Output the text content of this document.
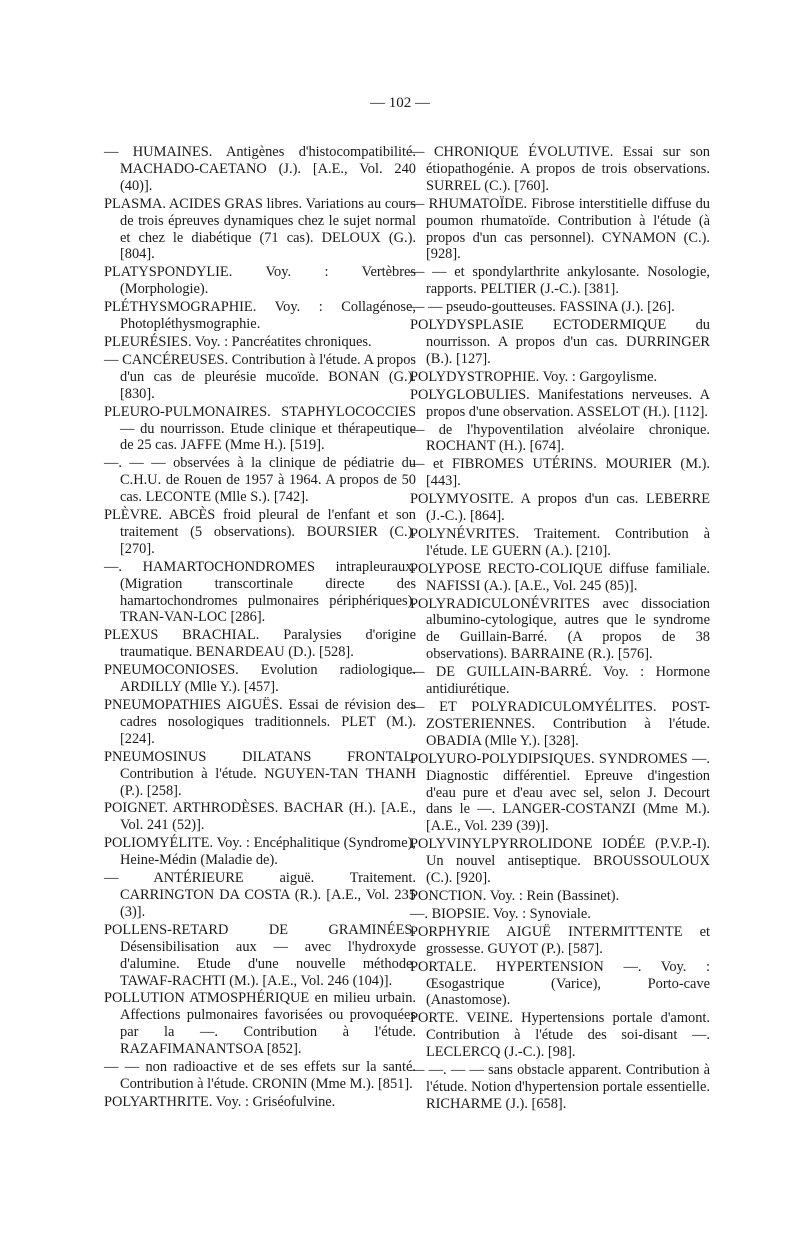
— 102 —

— HUMAINES. Antigènes d'histocompatibilité. MACHADO-CAETANO (J.). [A.E., Vol. 240 (40)].

PLASMA. ACIDES GRAS libres. Variations au cours de trois épreuves dynamiques chez le sujet normal et chez le diabétique (71 cas). DELOUX (G.). [804].

PLATYSPONDYLIE. Voy. : Vertèbres (Morphologie).

PLÉTHYSMOGRAPHIE. Voy. : Collagénose, Photopléthysmographie.

PLEURÉSIES. Voy. : Pancréatites chroniques.

— CANCÉREUSES. Contribution à l'étude. A propos d'un cas de pleurésie mucoïde. BONAN (G.). [830].

PLEURO-PULMONAIRES. STAPHYLOCOCCIES — du nourrisson. Etude clinique et thérapeutique de 25 cas. JAFFE (Mme H.). [519].

—. — — observées à la clinique de pédiatrie du C.H.U. de Rouen de 1957 à 1964. A propos de 50 cas. LECONTE (Mlle S.). [742].

PLÈVRE. ABCÈS froid pleural de l'enfant et son traitement (5 observations). BOURSIER (C.). [270].

—. HAMARTOCHONDROMES intrapleuraux. (Migration transcortinale directe des hamartochondromes pulmonaires périphériques). TRAN-VAN-LOC [286].

PLEXUS BRACHIAL. Paralysies d'origine traumatique. BENARDEAU (D.). [528].

PNEUMOCONIOSES. Evolution radiologique. ARDILLY (Mlle Y.). [457].

PNEUMOPATHIES AIGUËS. Essai de révision des cadres nosologiques traditionnels. PLET (M.). [224].

PNEUMOSINUS DILATANS FRONTAL. Contribution à l'étude. NGUYEN-TAN THANH (P.). [258].

POIGNET. ARTHRODÈSES. BACHAR (H.). [A.E., Vol. 241 (52)].

POLIOMYÉLITE. Voy. : Encéphalitique (Syndrome), Heine-Médin (Maladie de).

— ANTÉRIEURE aiguë. Traitement. CARRINGTON DA COSTA (R.). [A.E., Vol. 235 (3)].

POLLENS-RETARD DE GRAMINÉES. Désensibilisation aux — avec l'hydroxyde d'alumine. Etude d'une nouvelle méthode. TAWAF-RACHTI (M.). [A.E., Vol. 246 (104)].

POLLUTION ATMOSPHÉRIQUE en milieu urbain. Affections pulmonaires favorisées ou provoquées par la —. Contribution à l'étude. RAZAFIMANANTSOA [852].

— — non radioactive et de ses effets sur la santé. Contribution à l'étude. CRONIN (Mme M.). [851].

POLYARTHRITE. Voy. : Griséofulvine.

— CHRONIQUE ÉVOLUTIVE. Essai sur son étiopathogénie. A propos de trois observations. SURREL (C.). [760].

— RHUMATOÏDE. Fibrose interstitielle diffuse du poumon rhumatoïde. Contribution à l'étude (à propos d'un cas personnel). CYNAMON (C.). [928].

— — et spondylarthrite ankylosante. Nosologie, rapports. PELTIER (J.-C.). [381].

— — pseudo-goutteuses. FASSINA (J.). [26].

POLYDYSPLASIE ECTODERMIQUE du nourrisson. A propos d'un cas. DURRINGER (B.). [127].

POLYDYSTROPHIE. Voy. : Gargoylisme.

POLYGLOBULIES. Manifestations nerveuses. A propos d'une observation. ASSELOT (H.). [112].

— de l'hypoventilation alvéolaire chronique. ROCHANT (H.). [674].

— et FIBROMES UTÉRINS. MOURIER (M.). [443].

POLYMYOSITE. A propos d'un cas. LEBERRE (J.-C.). [864].

POLYNÉVRITES. Traitement. Contribution à l'étude. LE GUERN (A.). [210].

POLYPOSE RECTO-COLIQUE diffuse familiale. NAFISSI (A.). [A.E., Vol. 245 (85)].

POLYRADICULONÉVRITES avec dissociation albumino-cytologique, autres que le syndrome de Guillain-Barré. (A propos de 38 observations). BARRAINE (R.). [576].

— DE GUILLAIN-BARRÉ. Voy. : Hormone antidiurétique.

— ET POLYRADICULOMYÉLITES. POST-ZOSTERIENNES. Contribution à l'étude. OBADIA (Mlle Y.). [328].

POLYURO-POLYDIPSIQUES. SYNDROMES —. Diagnostic différentiel. Epreuve d'ingestion d'eau pure et d'eau avec sel, selon J. Decourt dans le —. LANGER-COSTANZI (Mme M.). [A.E., Vol. 239 (39)].

POLYVINYLPYRROLIDONE IODÉE (P.V.P.-I). Un nouvel antiseptique. BROUSSOULOUX (C.). [920].

PONCTION. Voy. : Rein (Bassinet).

—. BIOPSIE. Voy. : Synoviale.

PORPHYRIE AIGUË INTERMITTENTE et grossesse. GUYOT (P.). [587].

PORTALE. HYPERTENSION —. Voy. : Œsogastrique (Varice), Porto-cave (Anastomose).

PORTE. VEINE. Hypertensions portale d'amont. Contribution à l'étude des soi-disant —. LECLERCQ (J.-C.). [98].

— —. — — sans obstacle apparent. Contribution à l'étude. Notion d'hypertension portale essentielle. RICHARME (J.). [658].
